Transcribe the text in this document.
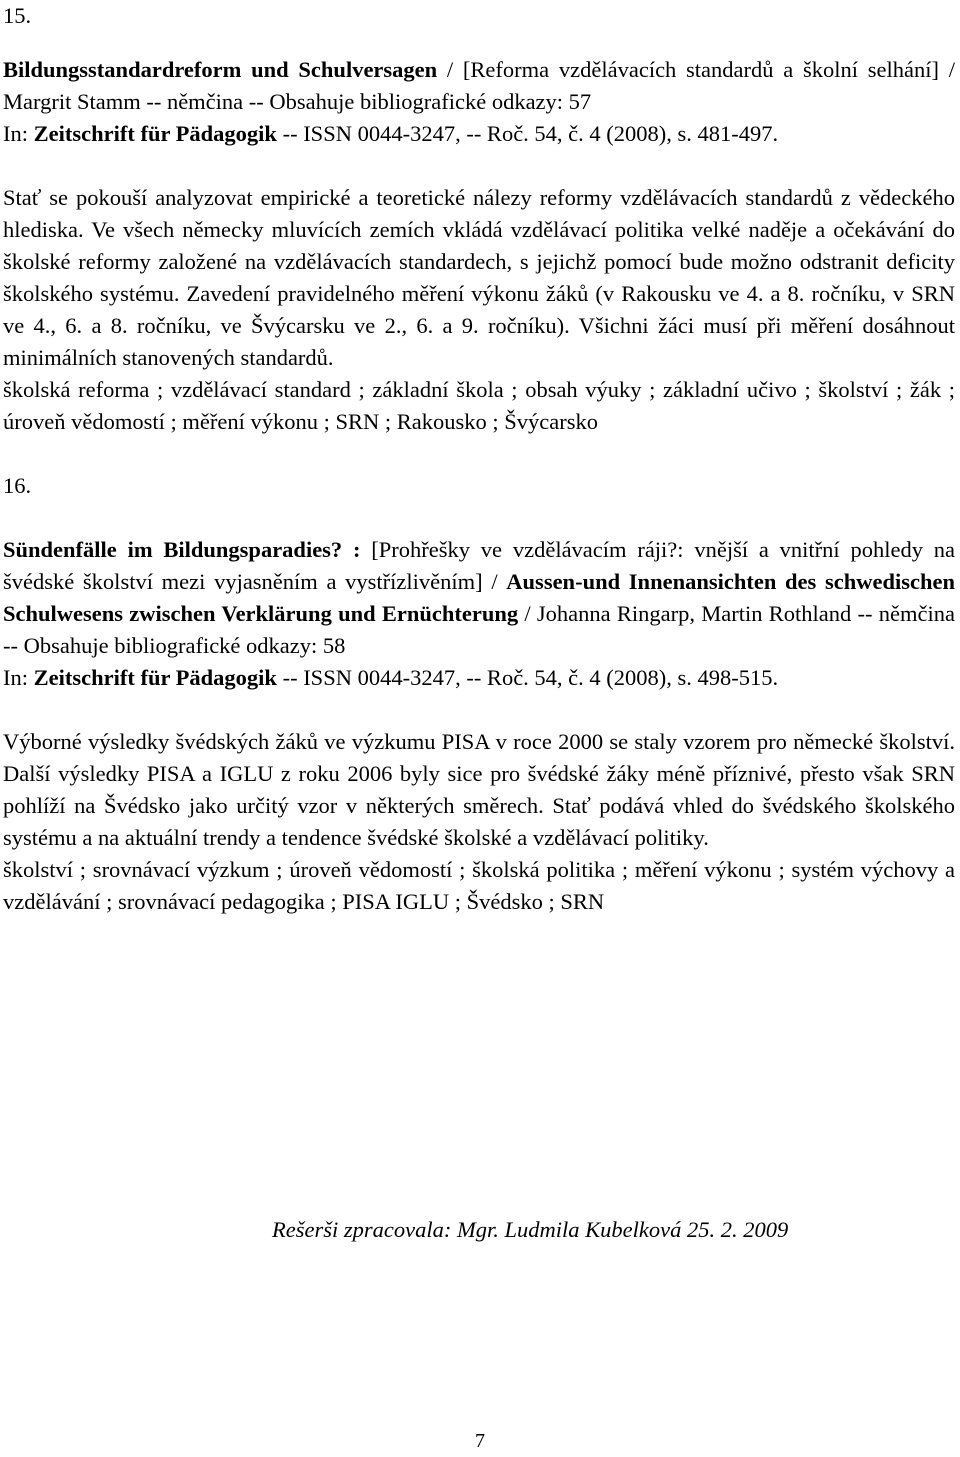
15.

Bildungsstandardreform und Schulversagen / [Reforma vzdělávacích standardů a školní selhání] / Margrit Stamm -- němčina -- Obsahuje bibliografické odkazy: 57

In: Zeitschrift für Pädagogik -- ISSN 0044-3247, -- Roč. 54, č. 4 (2008), s. 481-497.

Stať se pokouší analyzovat empirické a teoretické nálezy reformy vzdělávacích standardů z vědeckého hlediska. Ve všech německy mluvících zemích vkládá vzdělávací politika velké naděje a očekávání do školské reformy založené na vzdělávacích standardech, s jejichž pomocí bude možno odstranit deficity školského systému. Zavedení pravidelného měření výkonu žáků (v Rakousku ve 4. a 8. ročníku, v SRN ve 4., 6. a 8. ročníku, ve Švýcarsku ve 2., 6. a 9. ročníku). Všichni žáci musí při měření dosáhnout minimálních stanovených standardů.

školská reforma ; vzdělávací standard ; základní škola ; obsah výuky ; základní učivo ; školství ; žák ; úroveň vědomostí ; měření výkonu ; SRN ; Rakousko ; Švýcarsko

16.

Sündenfälle im Bildungsparadies? : [Prohřešky ve vzdělávacím ráji?: vnější a vnitřní pohledy na švédské školství mezi vyjasněním a vystřízlivěním] / Aussen-und Innenansichten des schwedischen Schulwesens zwischen Verklärung und Ernüchterung / Johanna Ringarp, Martin Rothland -- němčina -- Obsahuje bibliografické odkazy: 58

In: Zeitschrift für Pädagogik -- ISSN 0044-3247, -- Roč. 54, č. 4 (2008), s. 498-515.

Výborné výsledky švédských žáků ve výzkumu PISA v roce 2000 se staly vzorem pro německé školství. Další výsledky PISA a IGLU z roku 2006 byly sice pro švédské žáky méně příznivé, přesto však SRN pohlíží na Švédsko jako určitý vzor v některých směrech. Stať podává vhled do švédského školského systému a na aktuální trendy a tendence švédské školské a vzdělávací politiky.

školství ; srovnávací výzkum ; úroveň vědomostí ; školská politika ; měření výkonu ; systém výchovy a vzdělávání ; srovnávací pedagogika ; PISA IGLU ; Švédsko ; SRN

Rešerši zpracovala: Mgr. Ludmila Kubelková 25. 2. 2009
7
